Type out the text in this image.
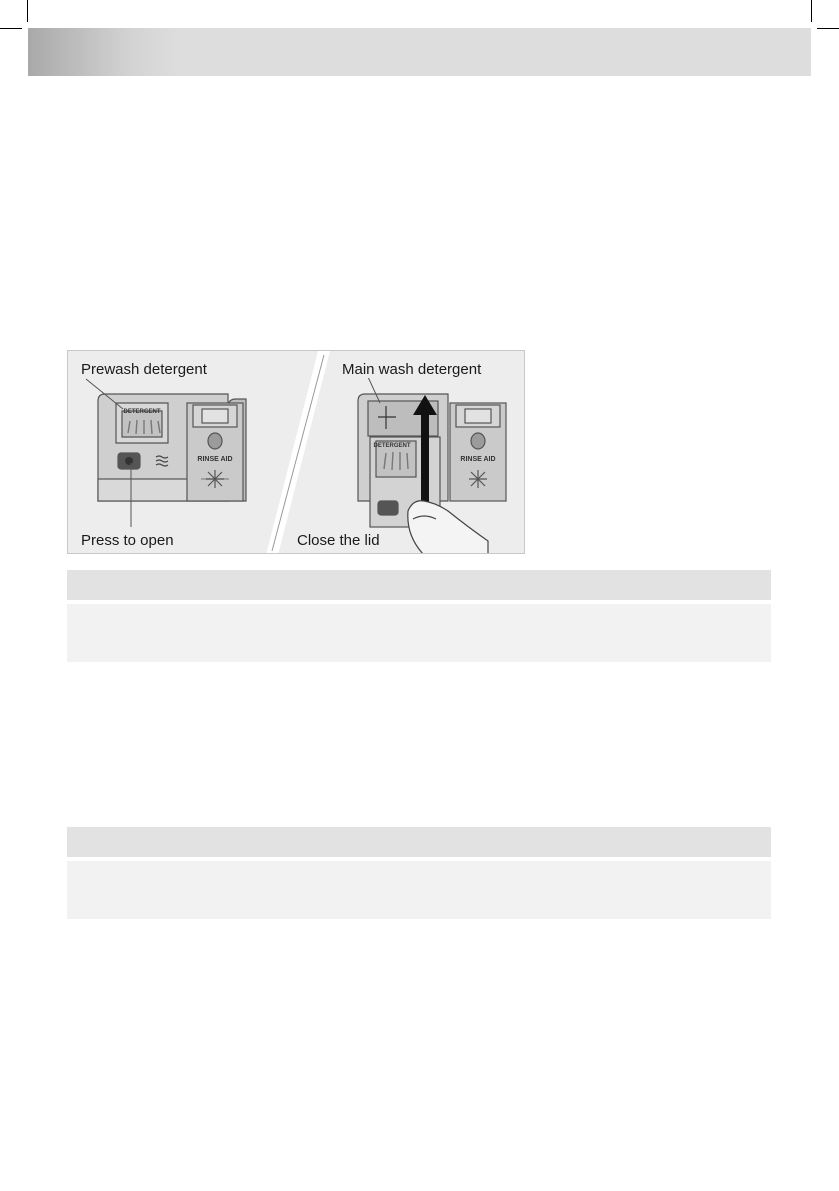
DETERGENT
RINSE AID
DETERGENT
RINSE AID
Prewash detergent	Main wash detergent
Press to open	Close the lid
